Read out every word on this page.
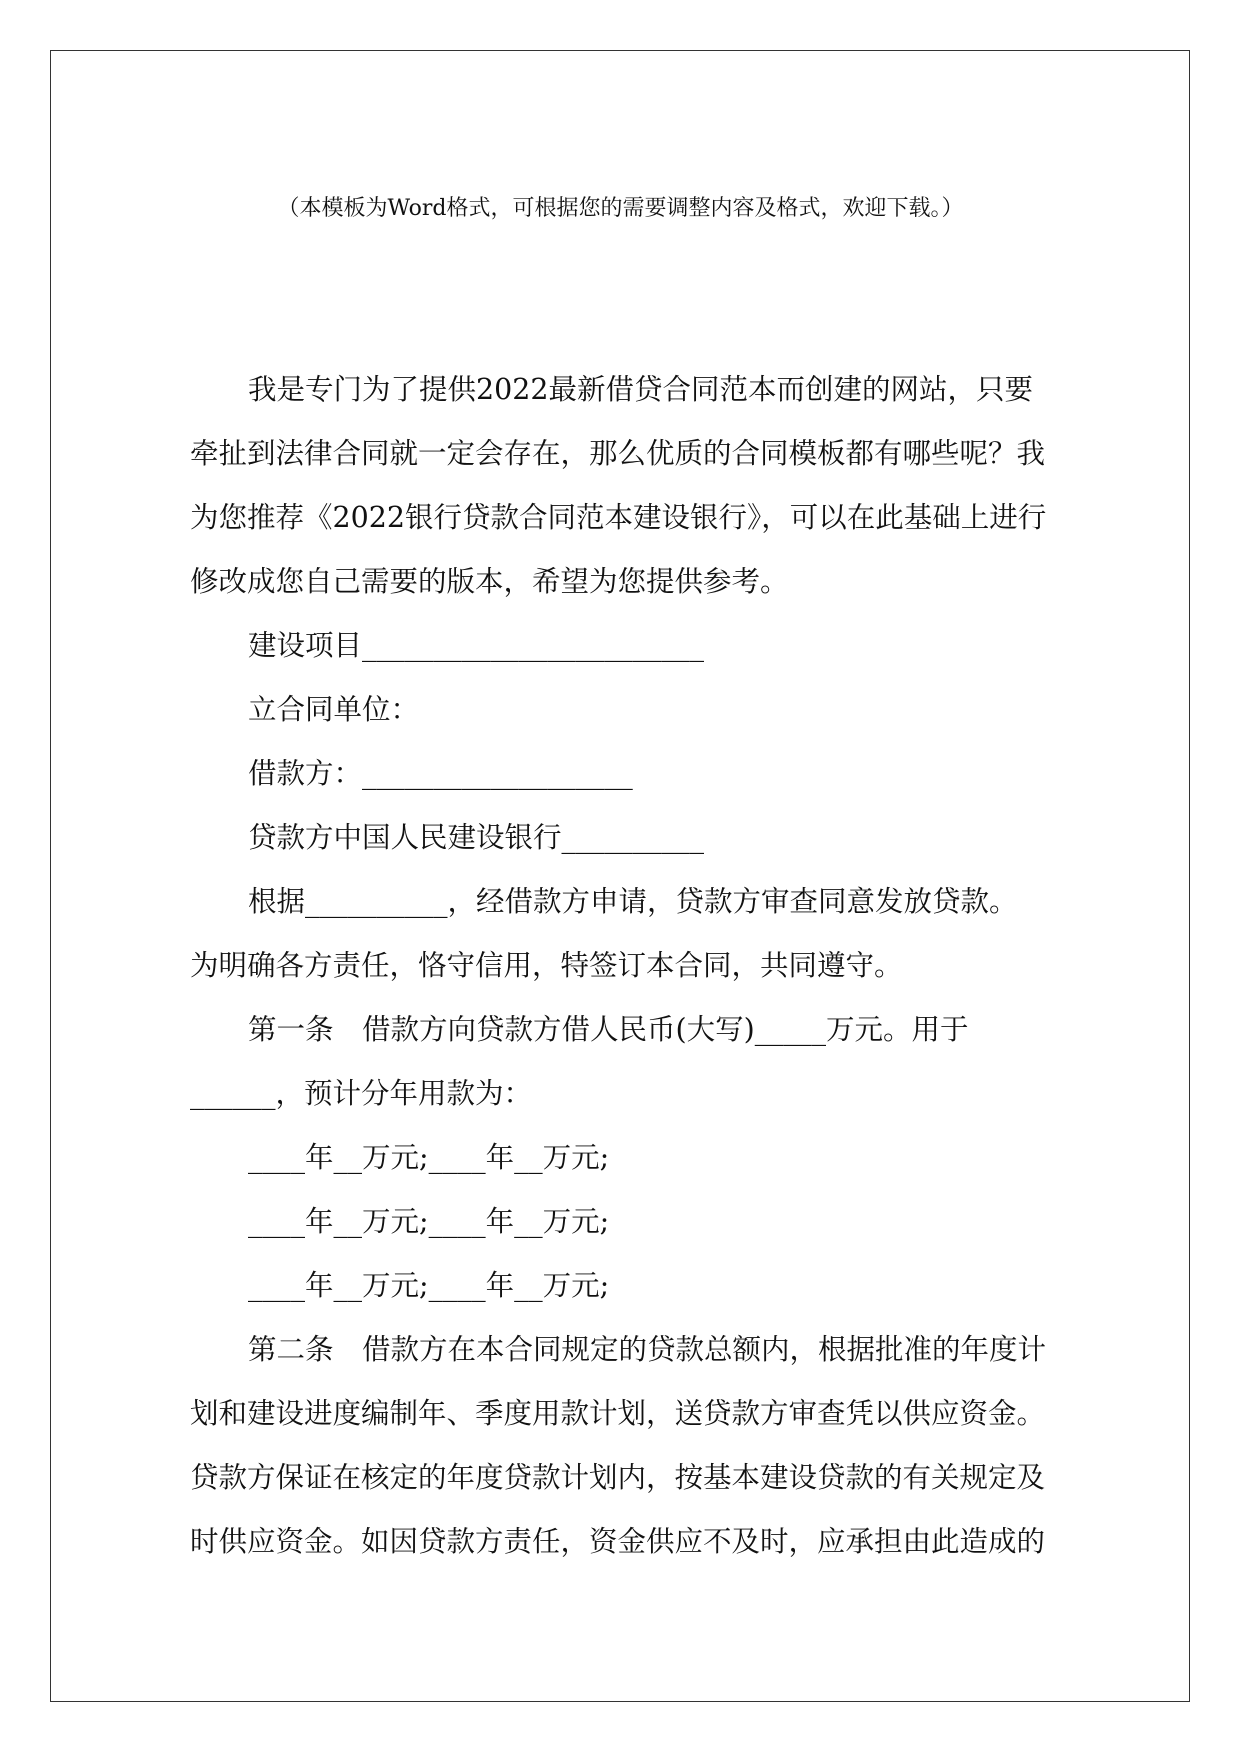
（本模板为Word格式，可根据您的需要调整内容及格式，欢迎下载。）
我是专门为了提供2022最新借贷合同范本而创建的网站，只要
牵扯到法律合同就一定会存在，那么优质的合同模板都有哪些呢？我
为您推荐《2022银行贷款合同范本建设银行》，可以在此基础上进行
修改成您自己需要的版本，希望为您提供参考。
建设项目________________________
立合同单位：
借款方：___________________
贷款方中国人民建设银行__________
根据__________，经借款方申请，贷款方审查同意发放贷款。
为明确各方责任，恪守信用，特签订本合同，共同遵守。
第一条　借款方向贷款方借人民币(大写)_____万元。用于
______，预计分年用款为：
____年__万元;____年__万元;
____年__万元;____年__万元;
____年__万元;____年__万元;
第二条　借款方在本合同规定的贷款总额内，根据批准的年度计
划和建设进度编制年、季度用款计划，送贷款方审查凭以供应资金。
贷款方保证在核定的年度贷款计划内，按基本建设贷款的有关规定及
时供应资金。如因贷款方责任，资金供应不及时，应承担由此造成的
